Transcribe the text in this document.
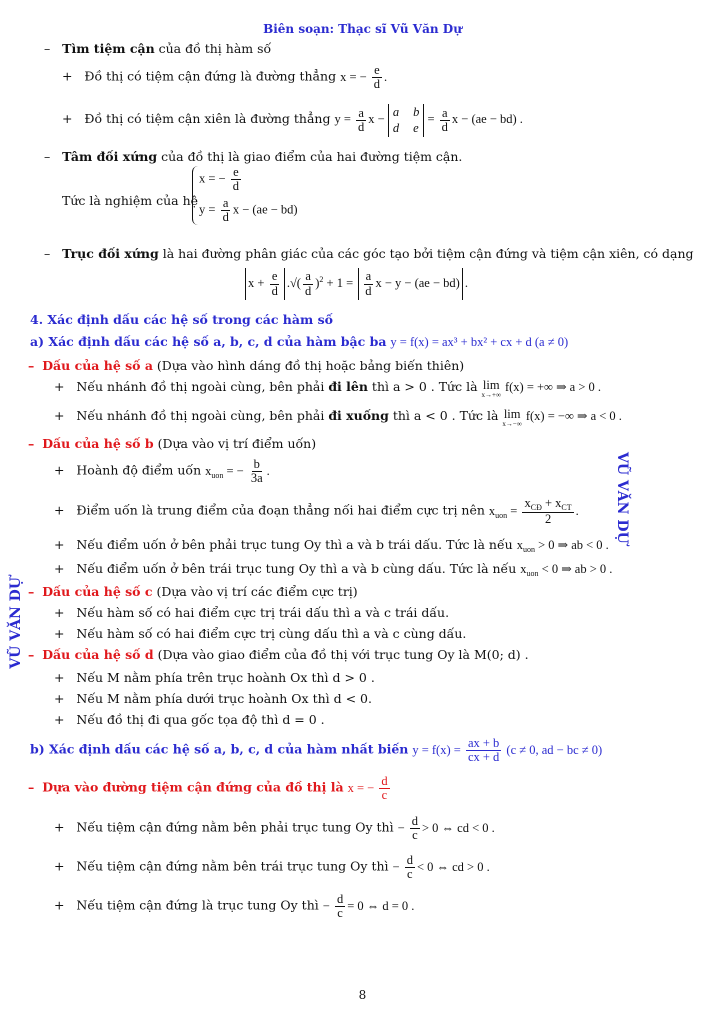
Biên soạn: Thạc sĩ Vũ Văn Dự
–   Tìm tiệm cận của đồ thị hàm số
+   Đồ thị có tiệm cận đứng là đường thẳng x = − $\frac{e}{d}$ .
+   Đồ thị có tiệm cận xiên là đường thẳng $y = \frac{a}{d}$ x −
a b
d e
= $\frac{a}{d}$ x − (ae − bd) .
–   Tâm đối xứng của đồ thị là giao điểm của hai đường tiệm cận.
Tức là nghiệm của hệ
x = − $\frac{e}{d}$
$y = \frac{a}{d}$ x − (ae − bd)
–   Trục đối xứng là hai đường phân giác của các góc tạo bởi tiệm cận đứng và tiệm cận xiên, có dạng
$x + \frac{e}{d}$ .√( $\frac{a}{d} )^2 + 1 = \frac{a}{d}$ x − y − (ae − bd) .
4. Xác định dấu các hệ số trong các hàm số
a) Xác định dấu các hệ số a, b, c, d của hàm bậc ba y = f(x) = ax³ + bx² + cx + d (a ≠ 0)
– Dấu của hệ số a (Dựa vào hình dáng đồ thị hoặc bảng biến thiên)
+   Nếu nhánh đồ thị ngoài cùng, bên phải đi lên thì a > 0 . Tức là lim
x→+∞
f(x) = +∞ ⇒ a > 0 .
+   Nếu nhánh đồ thị ngoài cùng, bên phải đi xuống thì a < 0 . Tức là lim
x→−∞
f(x) = −∞ ⇒ a < 0 .
– Dấu của hệ số b (Dựa vào vị trí điểm uốn)
+   Hoành độ điểm uốn $x_{uon}$ = − $\frac{b}{3a}$ .
+   Điểm uốn là trung điểm của đoạn thẳng nối hai điểm cực trị nên $x_{uon} = \frac{x_{CĐ} + x_{CT}}{2}$ .
+   Nếu điểm uốn ở bên phải trục tung Oy thì a và b trái dấu. Tức là nếu $x_{uon} > 0$ ⇒ ab < 0 .
+   Nếu điểm uốn ở bên trái trục tung Oy thì a và b cùng dấu. Tức là nếu $x_{uon} < 0$ ⇒ ab > 0 .
– Dấu của hệ số c (Dựa vào vị trí các điểm cực trị)
+   Nếu hàm số có hai điểm cực trị trái dấu thì a và c trái dấu.
+   Nếu hàm số có hai điểm cực trị cùng dấu thì a và c cùng dấu.
– Dấu của hệ số d (Dựa vào giao điểm của đồ thị với trục tung Oy là M(0; d) .
+   Nếu M nằm phía trên trục hoành Ox thì d > 0 .
+   Nếu M nằm phía dưới trục hoành Ox thì d < 0.
+   Nếu đồ thị đi qua gốc tọa độ thì d = 0 .
b) Xác định dấu các hệ số a, b, c, d của hàm nhất biến $y = f(x) = \frac{ax + b}{cx + d} (c \ne 0$, ad − bc ≠ 0)
– Dựa vào đường tiệm cận đứng của đồ thị là x = − $\frac{d}{c}$
+   Nếu tiệm cận đứng nằm bên phải trục tung Oy thì − $\frac{d}{c} > 0$ ⇔ cd < 0 .
+   Nếu tiệm cận đứng nằm bên trái trục tung Oy thì − $\frac{d}{c} < 0$ ⇔ cd > 0 .
+   Nếu tiệm cận đứng là trục tung Oy thì − $\frac{d}{c} = 0$ ⇔ d = 0 .
VŨ VĂN DỰ
VŨ VĂN DỰ
8
